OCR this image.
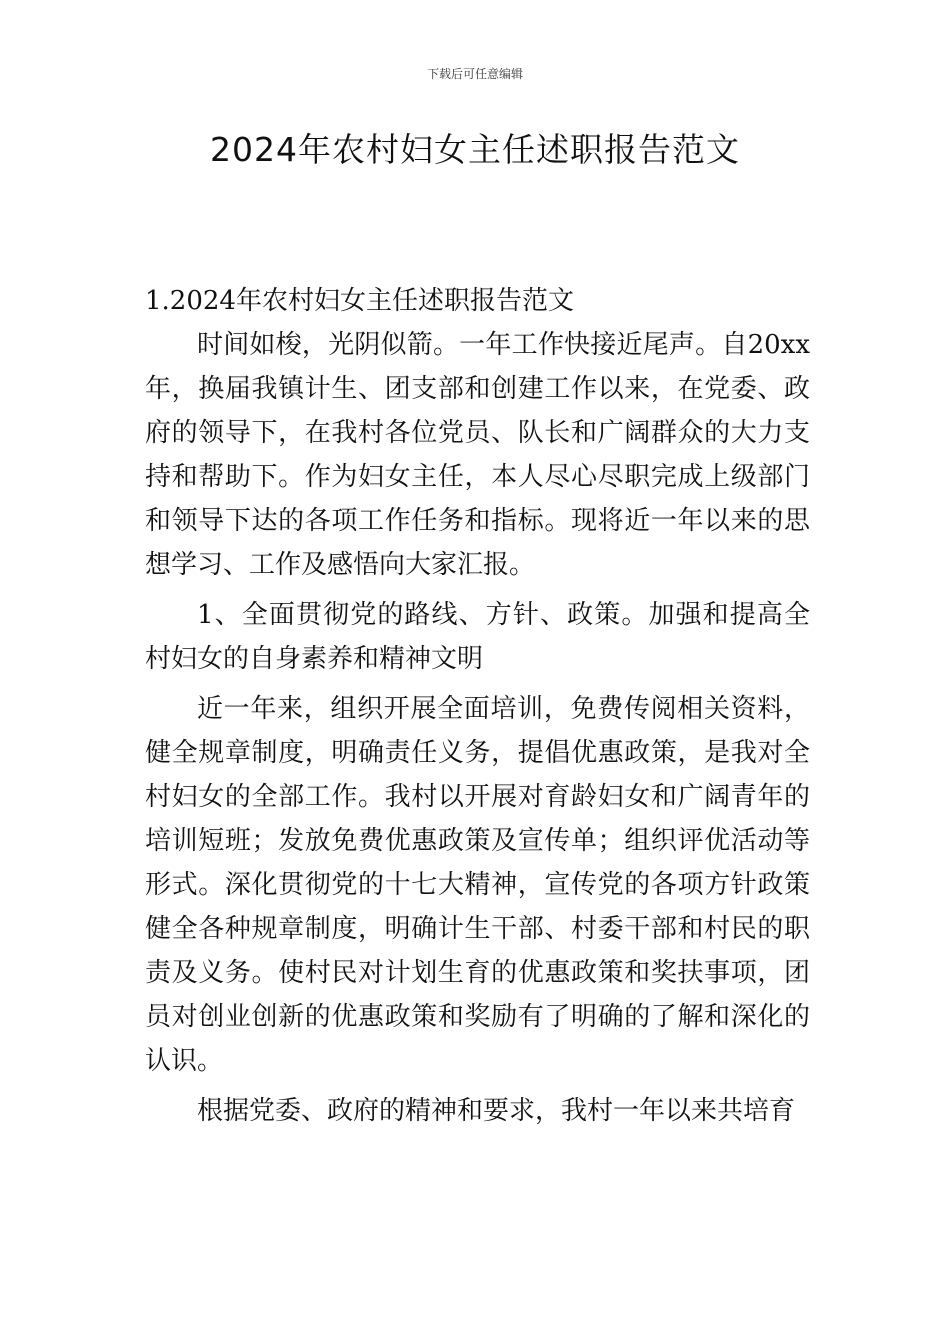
下载后可任意编辑
2024年农村妇女主任述职报告范文

1.2024年农村妇女主任述职报告范文

时间如梭，光阴似箭。一年工作快接近尾声。自20xx年，换届我镇计生、团支部和创建工作以来，在党委、政府的领导下，在我村各位党员、队长和广阔群众的大力支持和帮助下。作为妇女主任，本人尽心尽职完成上级部门和领导下达的各项工作任务和指标。现将近一年以来的思想学习、工作及感悟向大家汇报。

1、全面贯彻党的路线、方针、政策。加强和提高全村妇女的自身素养和精神文明

近一年来，组织开展全面培训，免费传阅相关资料，健全规章制度，明确责任义务，提倡优惠政策，是我对全村妇女的全部工作。我村以开展对育龄妇女和广阔青年的培训短班；发放免费优惠政策及宣传单；组织评优活动等形式。深化贯彻党的十七大精神，宣传党的各项方针政策健全各种规章制度，明确计生干部、村委干部和村民的职责及义务。使村民对计划生育的优惠政策和奖扶事项，团员对创业创新的优惠政策和奖励有了明确的了解和深化的认识。

根据党委、政府的精神和要求，我村一年以来共培育
